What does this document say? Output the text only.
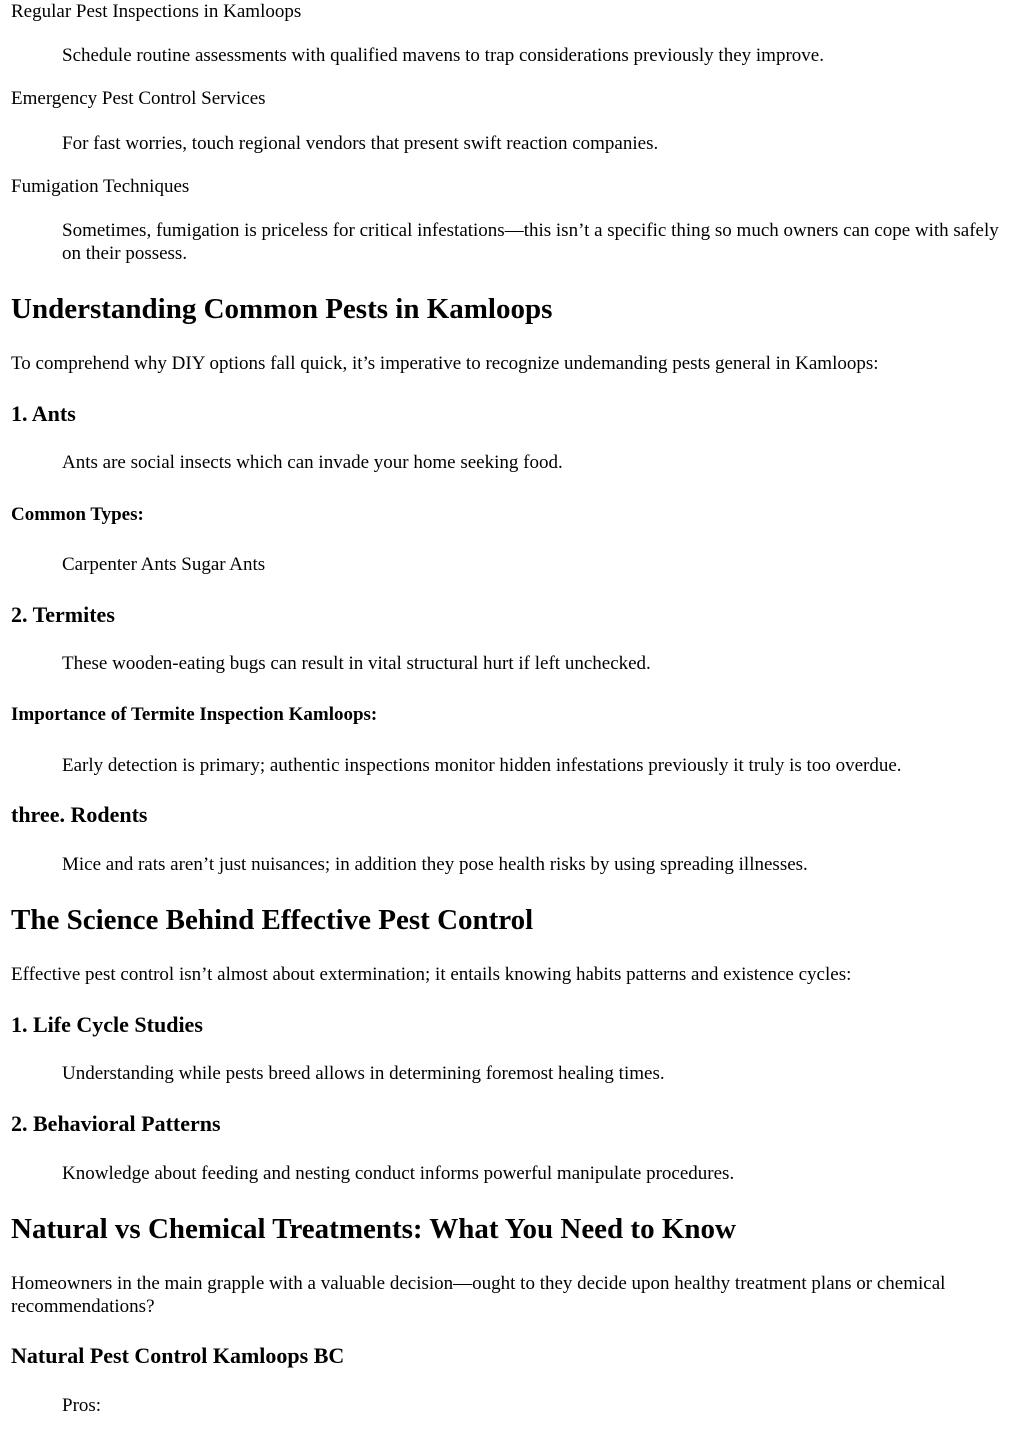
Regular Pest Inspections in Kamloops
Schedule routine assessments with qualified mavens to trap considerations previously they improve.
Emergency Pest Control Services
For fast worries, touch regional vendors that present swift reaction companies.
Fumigation Techniques
Sometimes, fumigation is priceless for critical infestations—this isn’t a specific thing so much owners can cope with safely on their possess.
Understanding Common Pests in Kamloops
To comprehend why DIY options fall quick, it’s imperative to recognize undemanding pests general in Kamloops:
1. Ants
Ants are social insects which can invade your home seeking food.
Common Types:
Carpenter Ants Sugar Ants
2. Termites
These wooden-eating bugs can result in vital structural hurt if left unchecked.
Importance of Termite Inspection Kamloops:
Early detection is primary; authentic inspections monitor hidden infestations previously it truly is too overdue.
three. Rodents
Mice and rats aren’t just nuisances; in addition they pose health risks by using spreading illnesses.
The Science Behind Effective Pest Control
Effective pest control isn’t almost about extermination; it entails knowing habits patterns and existence cycles:
1. Life Cycle Studies
Understanding while pests breed allows in determining foremost healing times.
2. Behavioral Patterns
Knowledge about feeding and nesting conduct informs powerful manipulate procedures.
Natural vs Chemical Treatments: What You Need to Know
Homeowners in the main grapple with a valuable decision—ought to they decide upon healthy treatment plans or chemical recommendations?
Natural Pest Control Kamloops BC
Pros:
